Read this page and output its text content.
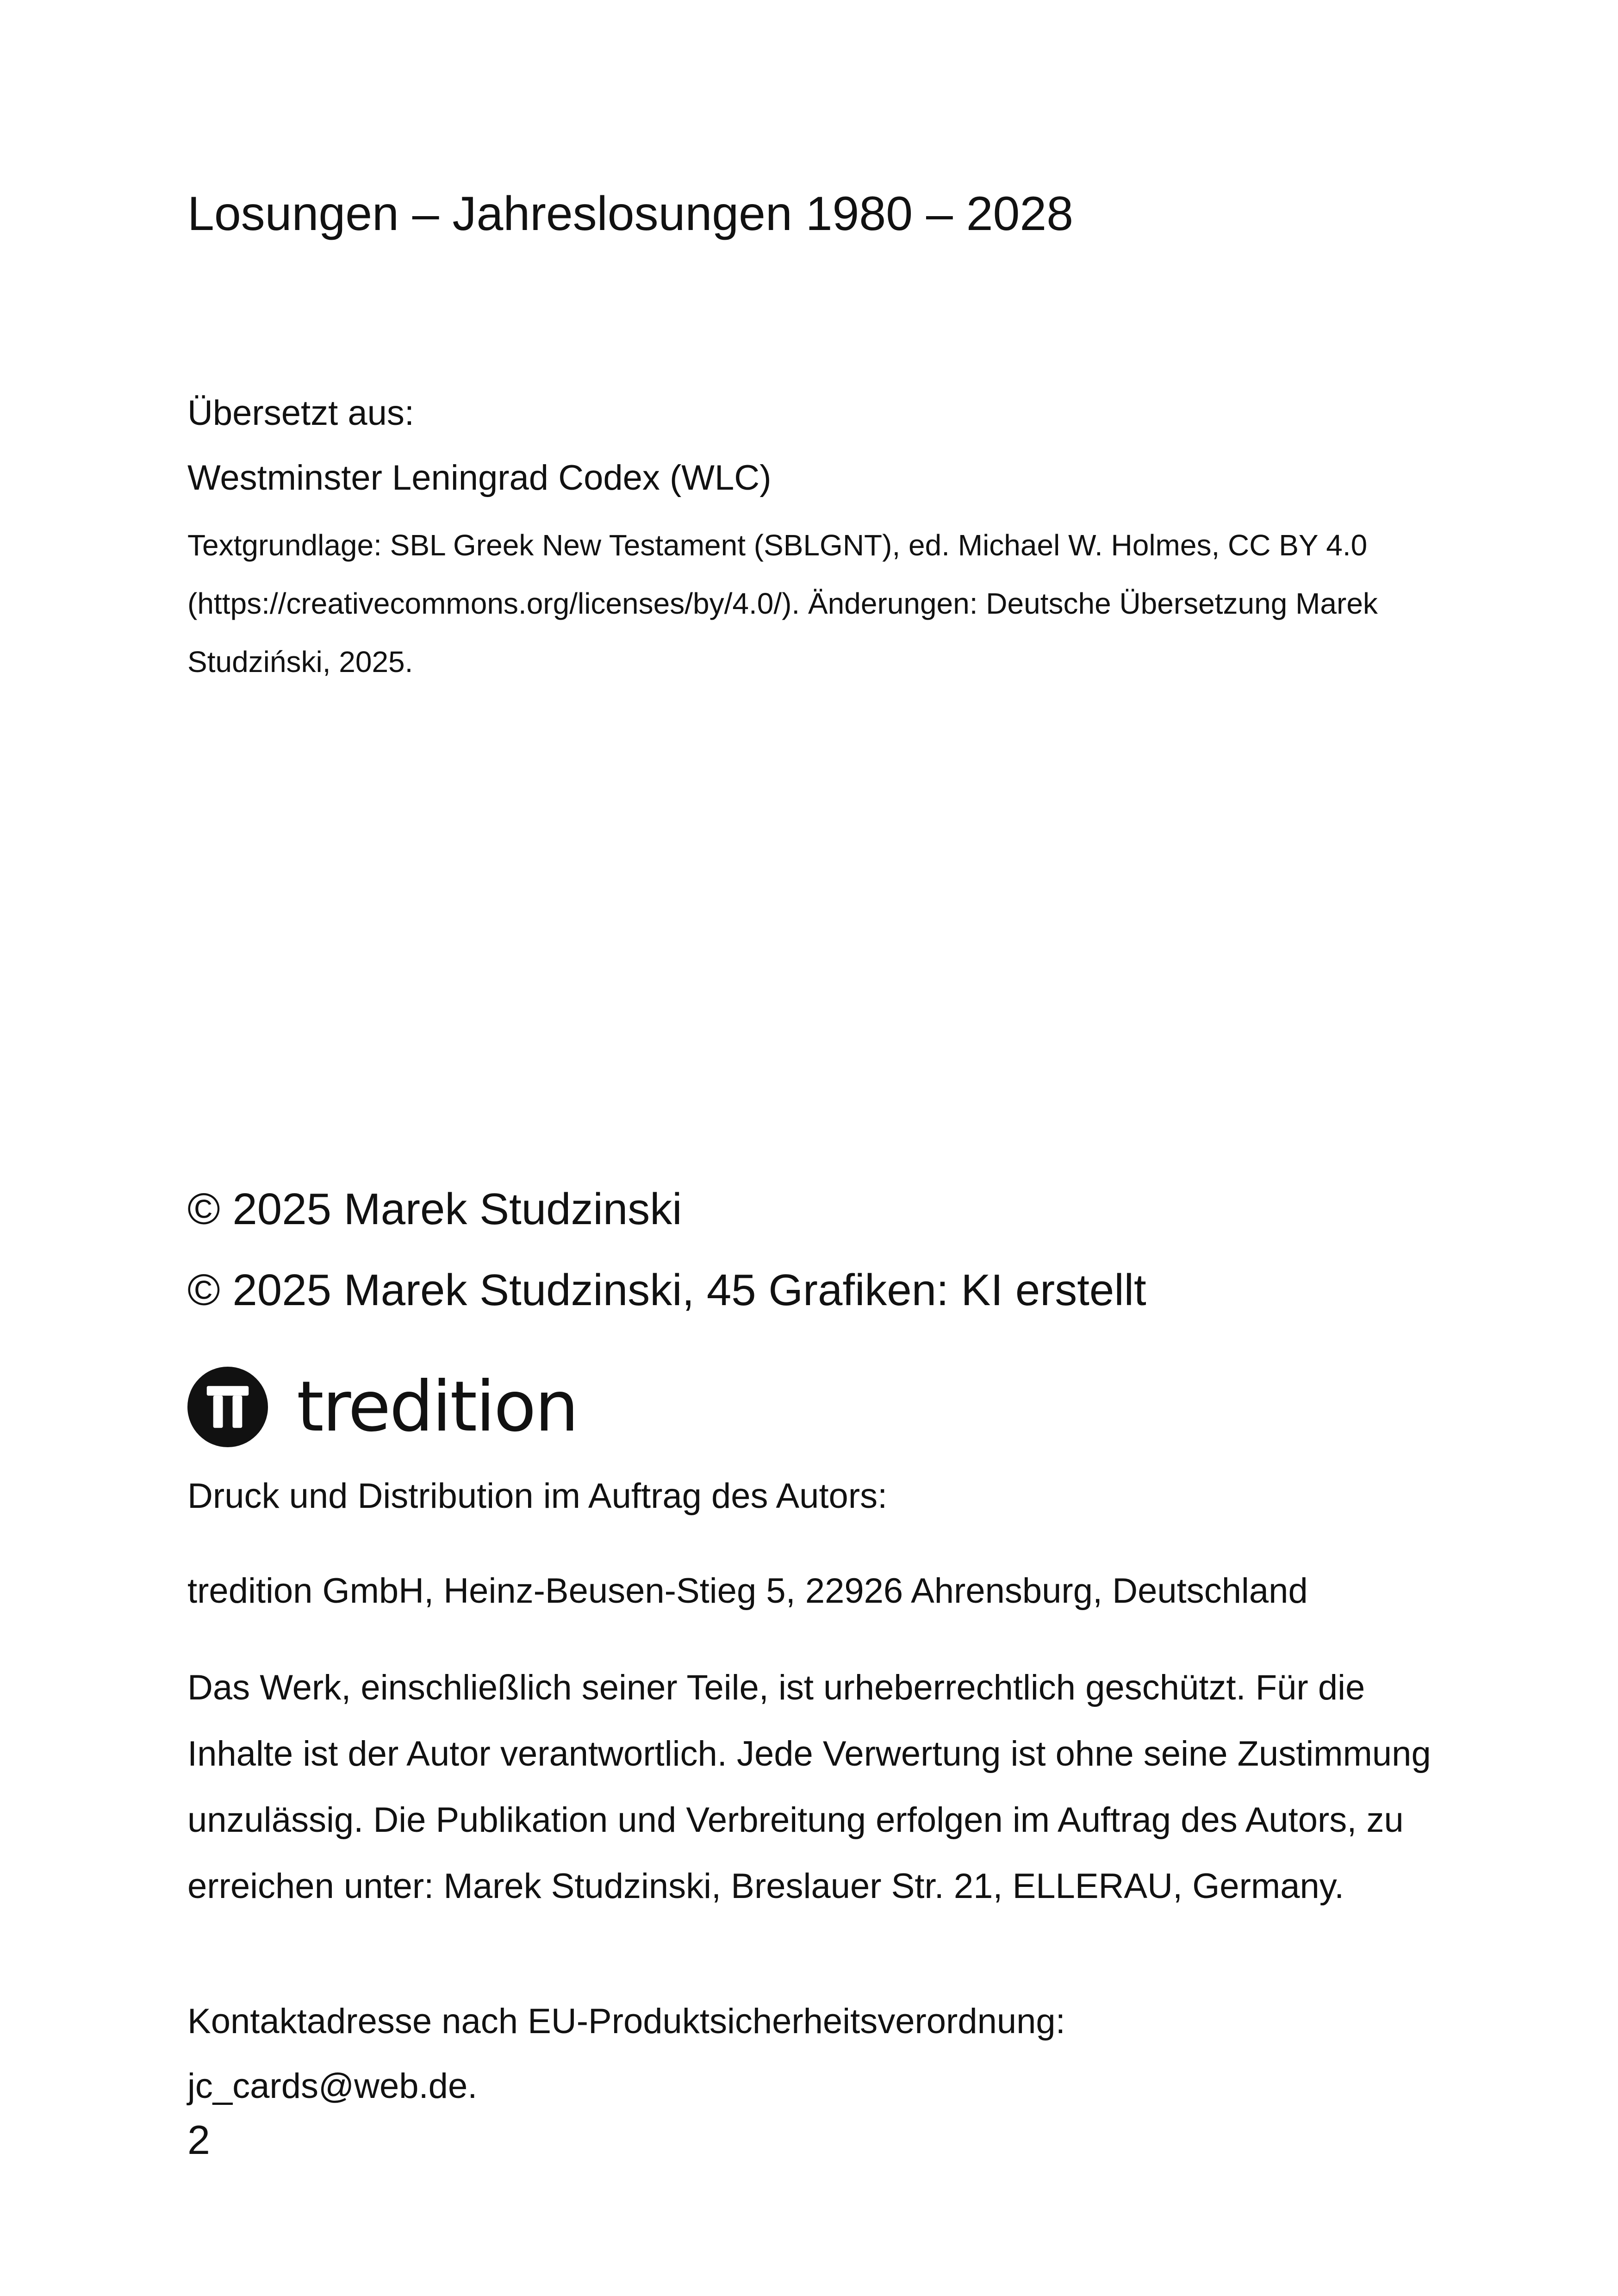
Losungen – Jahreslosungen 1980 – 2028
Übersetzt aus:
Westminster Leningrad Codex (WLC)

Textgrundlage: SBL Greek New Testament (SBLGNT), ed. Michael W. Holmes, CC BY 4.0 (https://creativecommons.org/licenses/by/4.0/). Änderungen: Deutsche Übersetzung Marek Studziński, 2025.

© 2025 Marek Studzinski
© 2025 Marek Studzinski, 45 Grafiken: KI erstellt
tredition
Druck und Distribution im Auftrag des Autors:
tredition GmbH, Heinz-Beusen-Stieg 5, 22926 Ahrensburg, Deutschland

Das Werk, einschließlich seiner Teile, ist urheberrechtlich geschützt. Für die Inhalte ist der Autor verantwortlich. Jede Verwertung ist ohne seine Zustimmung unzulässig. Die Publikation und Verbreitung erfolgen im Auftrag des Autors, zu erreichen unter: Marek Studzinski, Breslauer Str. 21, ELLERAU, Germany.

Kontaktadresse nach EU-Produktsicherheitsverordnung:
jc_cards@web.de.
2
